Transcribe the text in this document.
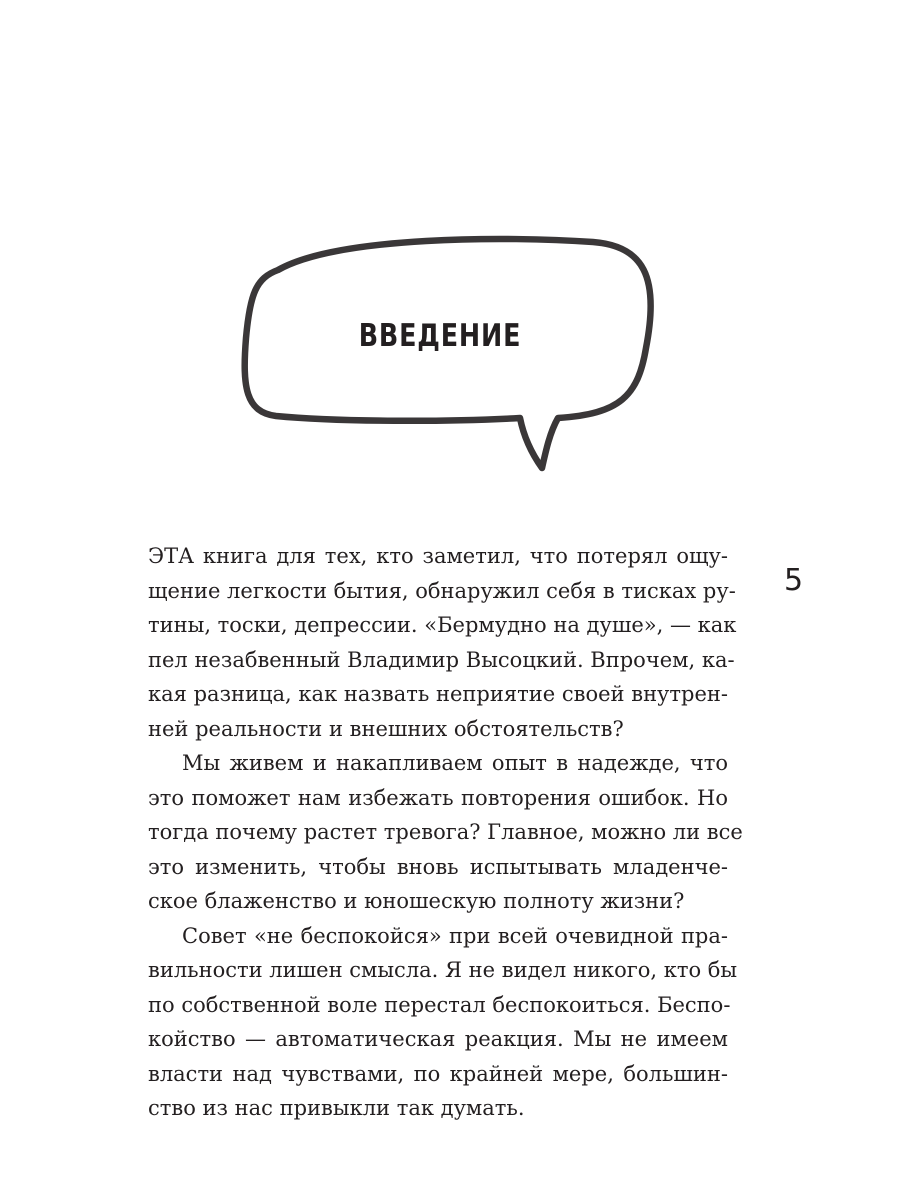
ВВЕДЕНИЕ
5
ЭТА книга для тех, кто заметил, что потерял ощу-
щение легкости бытия, обнаружил себя в тисках ру-
тины, тоски, депрессии. «Бермудно на душе», — как
пел незабвенный Владимир Высоцкий. Впрочем, ка-
кая разница, как назвать неприятие своей внутрен-
ней реальности и внешних обстоятельств?
Мы живем и накапливаем опыт в надежде, что
это поможет нам избежать повторения ошибок. Но
тогда почему растет тревога? Главное, можно ли все
это изменить, чтобы вновь испытывать младенче-
ское блаженство и юношескую полноту жизни?
Совет «не беспокойся» при всей очевидной пра-
вильности лишен смысла. Я не видел никого, кто бы
по собственной воле перестал беспокоиться. Беспо-
койство — автоматическая реакция. Мы не имеем
власти над чувствами, по крайней мере, большин-
ство из нас привыкли так думать.
